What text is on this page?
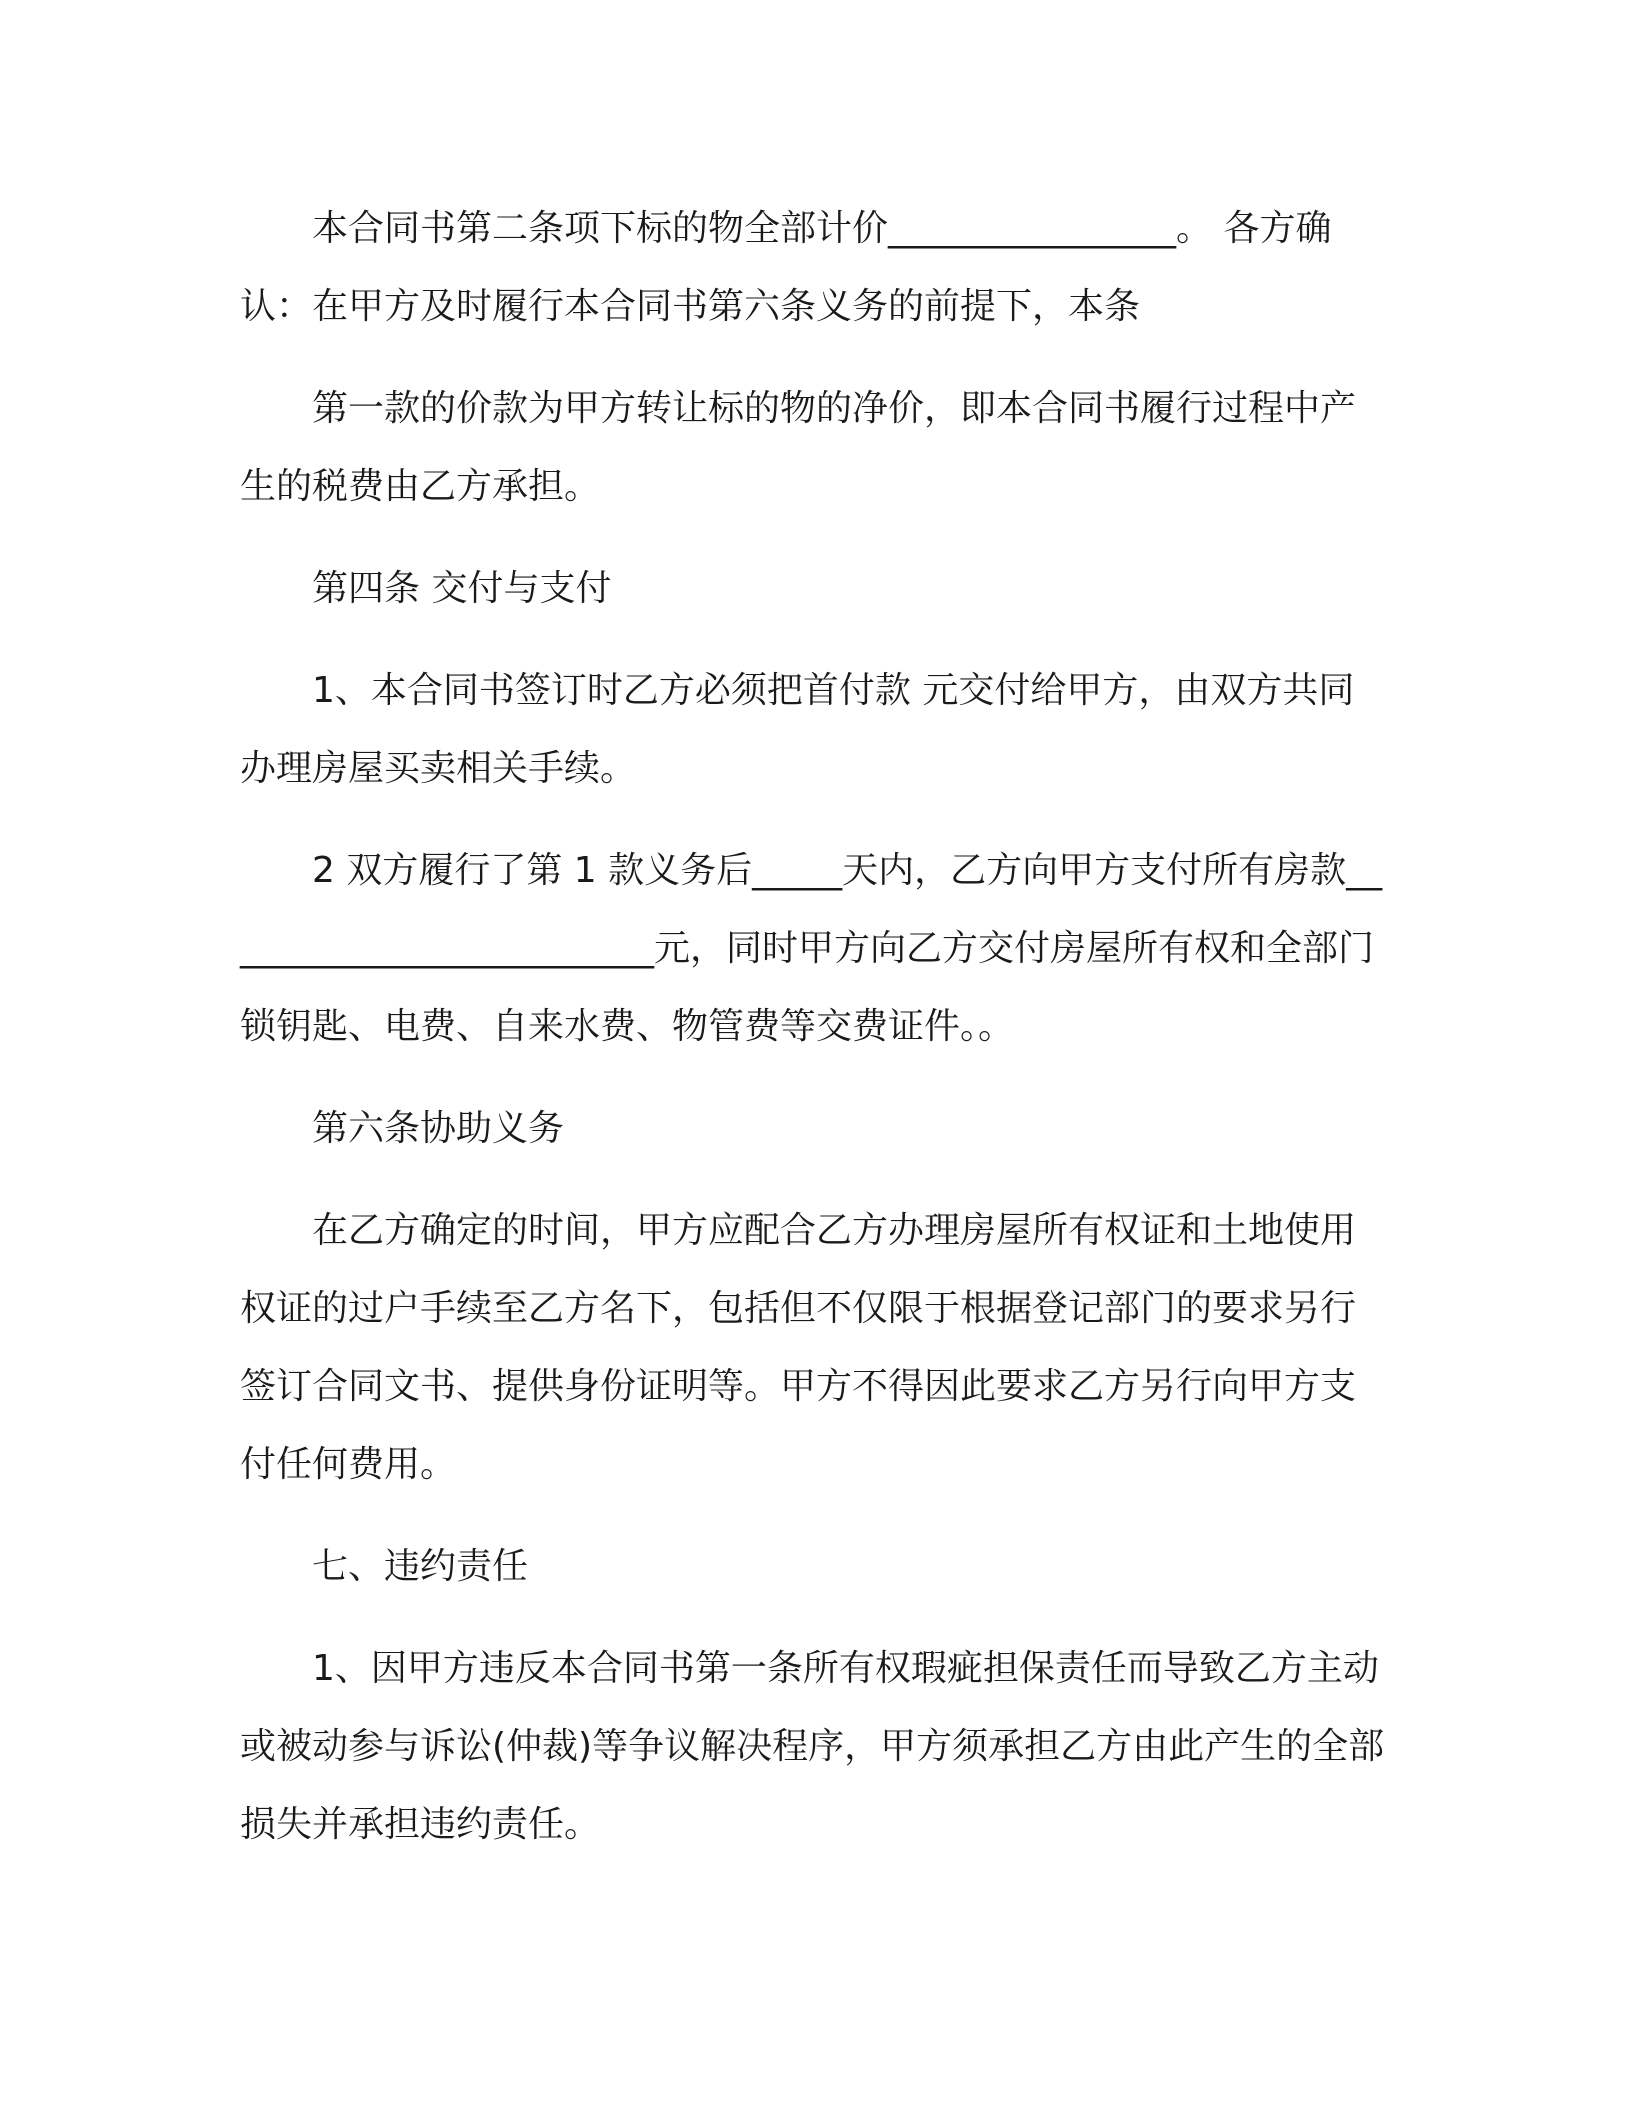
本合同书第二条项下标的物全部计价________________。 各方确认：在甲方及时履行本合同书第六条义务的前提下，本条

第一款的价款为甲方转让标的物的净价，即本合同书履行过程中产生的税费由乙方承担。

第四条 交付与支付

1、本合同书签订时乙方必须把首付款 元交付给甲方，由双方共同办理房屋买卖相关手续。

2 双方履行了第 1 款义务后_____天内，乙方向甲方支付所有房款_________________________元，同时甲方向乙方交付房屋所有权和全部门锁钥匙、电费、自来水费、物管费等交费证件。。

第六条协助义务

在乙方确定的时间，甲方应配合乙方办理房屋所有权证和土地使用权证的过户手续至乙方名下，包括但不仅限于根据登记部门的要求另行签订合同文书、提供身份证明等。甲方不得因此要求乙方另行向甲方支付任何费用。

七、违约责任

1、因甲方违反本合同书第一条所有权瑕疵担保责任而导致乙方主动或被动参与诉讼(仲裁)等争议解决程序，甲方须承担乙方由此产生的全部损失并承担违约责任。
